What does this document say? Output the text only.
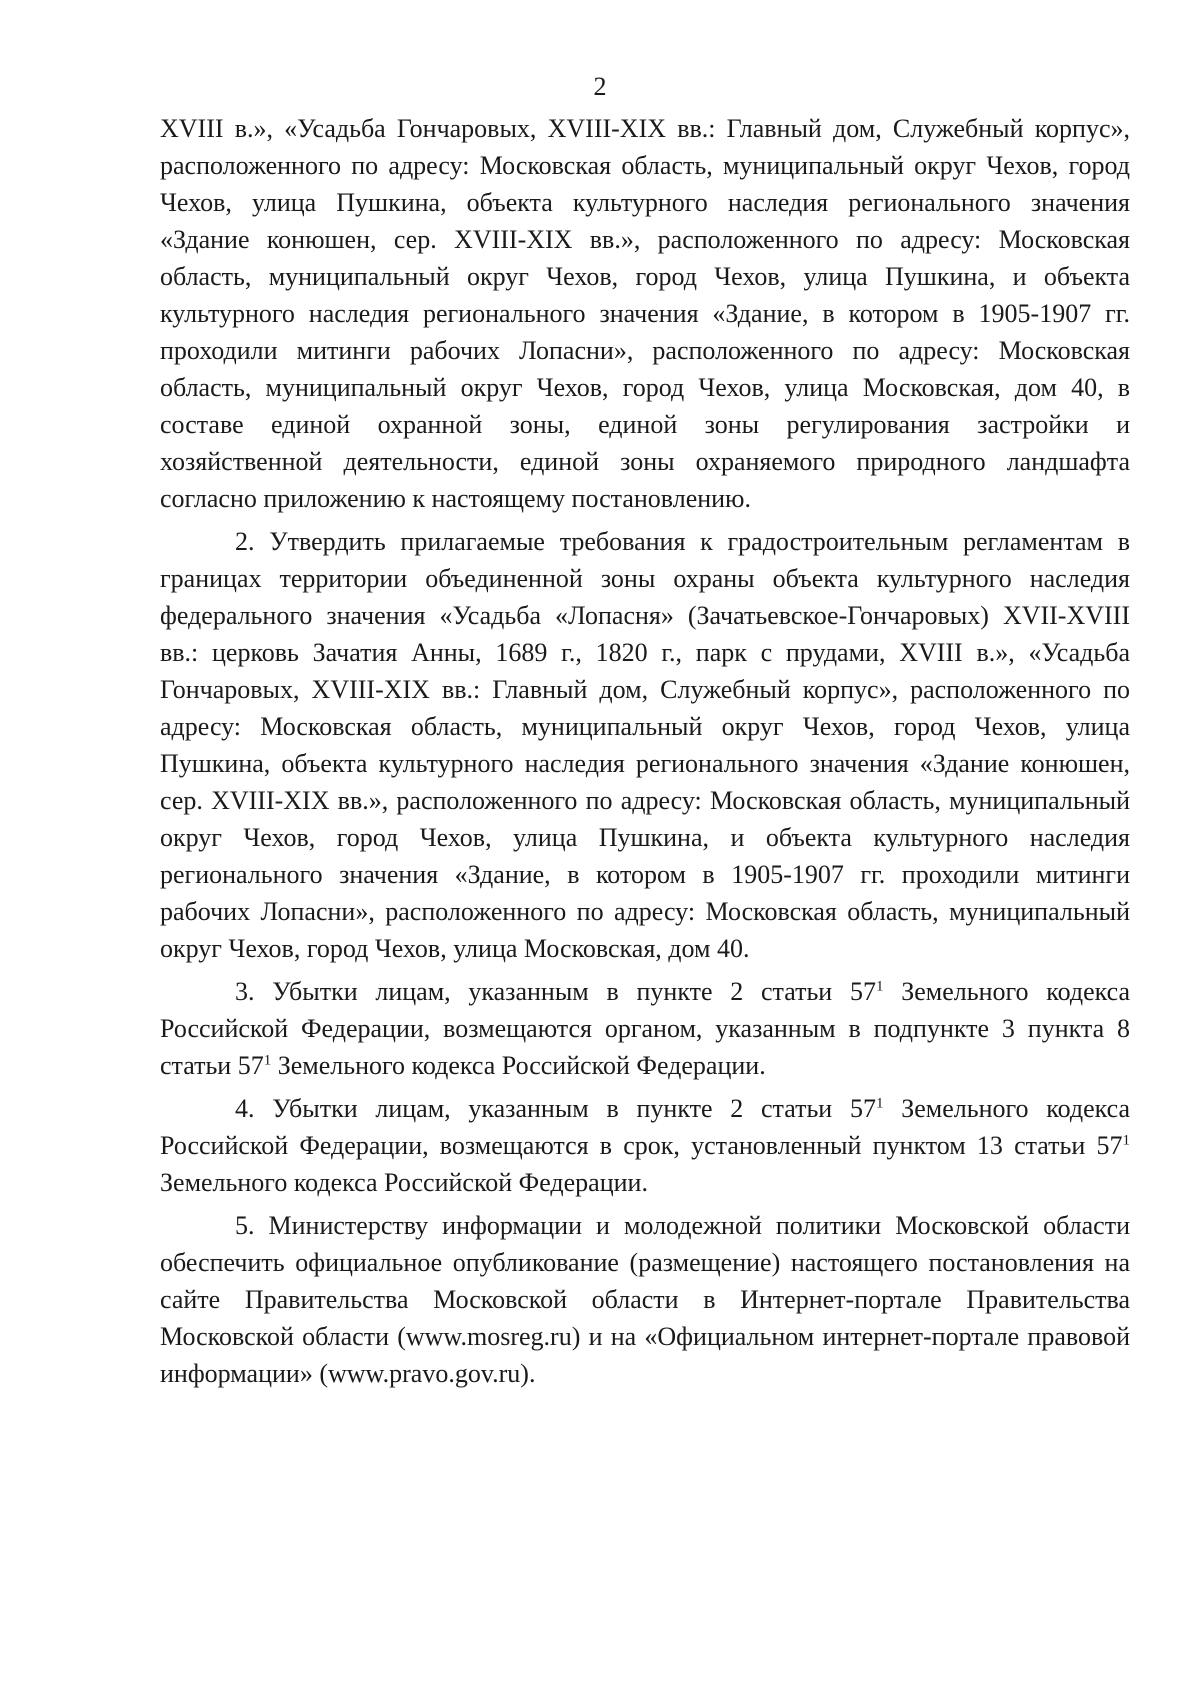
2

XVIII в.», «Усадьба Гончаровых, XVIII-XIX вв.: Главный дом, Служебный корпус», расположенного по адресу: Московская область, муниципальный округ Чехов, город Чехов, улица Пушкина, объекта культурного наследия регионального значения «Здание конюшен, сер. XVIII-XIX вв.», расположенного по адресу: Московская область, муниципальный округ Чехов, город Чехов, улица Пушкина, и объекта культурного наследия регионального значения «Здание, в котором в 1905-1907 гг. проходили митинги рабочих Лопасни», расположенного по адресу: Московская область, муниципальный округ Чехов, город Чехов, улица Московская, дом 40, в составе единой охранной зоны, единой зоны регулирования застройки и хозяйственной деятельности, единой зоны охраняемого природного ландшафта согласно приложению к настоящему постановлению.

2. Утвердить прилагаемые требования к градостроительным регламентам в границах территории объединенной зоны охраны объекта культурного наследия федерального значения «Усадьба «Лопасня» (Зачатьевское-Гончаровых) XVII-XVIII вв.: церковь Зачатия Анны, 1689 г., 1820 г., парк с прудами, XVIII в.», «Усадьба Гончаровых, XVIII-XIX вв.: Главный дом, Служебный корпус», расположенного по адресу: Московская область, муниципальный округ Чехов, город Чехов, улица Пушкина, объекта культурного наследия регионального значения «Здание конюшен, сер. XVIII-XIX вв.», расположенного по адресу: Московская область, муниципальный округ Чехов, город Чехов, улица Пушкина, и объекта культурного наследия регионального значения «Здание, в котором в 1905-1907 гг. проходили митинги рабочих Лопасни», расположенного по адресу: Московская область, муниципальный округ Чехов, город Чехов, улица Московская, дом 40.

3. Убытки лицам, указанным в пункте 2 статьи $57^1$ Земельного кодекса Российской Федерации, возмещаются органом, указанным в подпункте 3 пункта 8 статьи $57^1$ Земельного кодекса Российской Федерации.

4. Убытки лицам, указанным в пункте 2 статьи $57^1$ Земельного кодекса Российской Федерации, возмещаются в срок, установленный пунктом 13 статьи $57^1$ Земельного кодекса Российской Федерации.

5. Министерству информации и молодежной политики Московской области обеспечить официальное опубликование (размещение) настоящего постановления на сайте Правительства Московской области в Интернет-портале Правительства Московской области (www.mosreg.ru) и на «Официальном интернет-портале правовой информации» (www.pravo.gov.ru).
